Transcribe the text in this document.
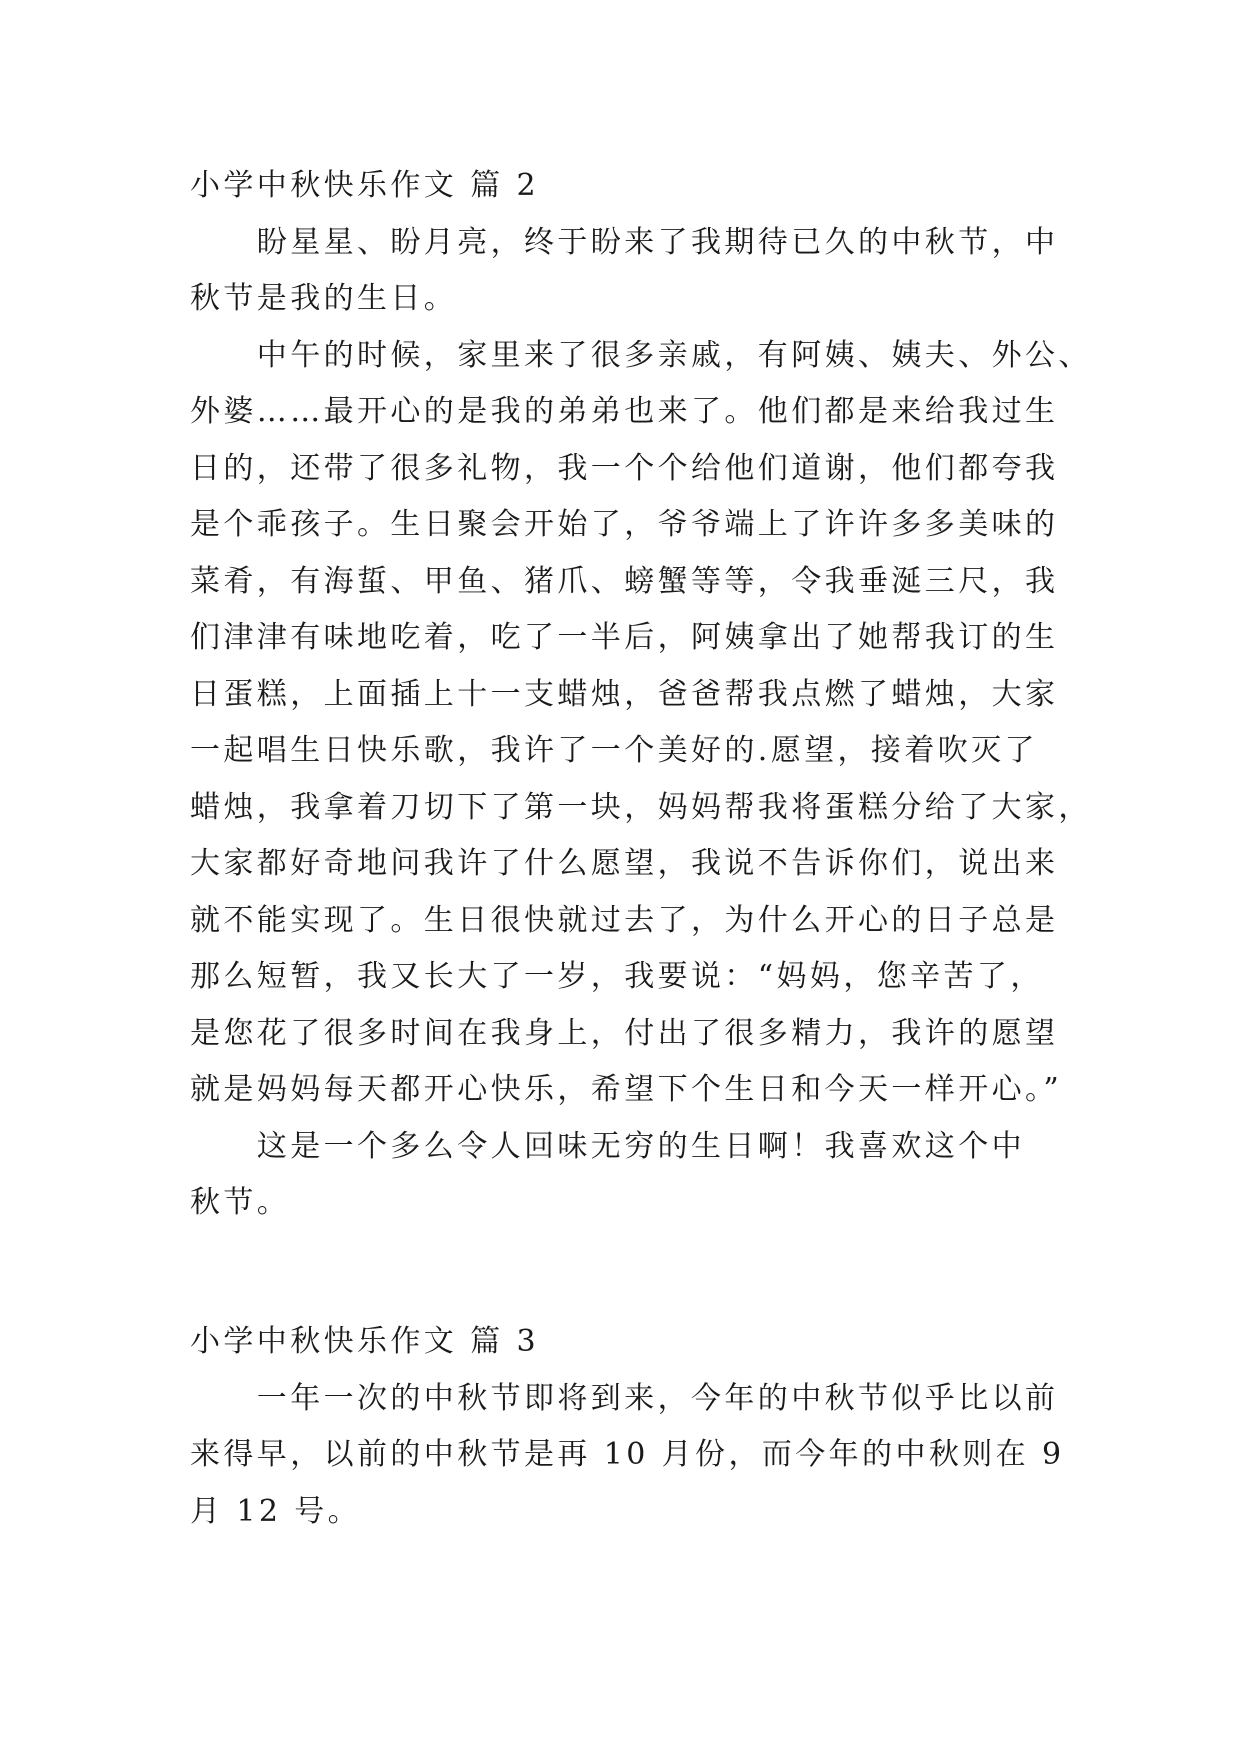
小学中秋快乐作文 篇 2
　　盼星星、盼月亮，终于盼来了我期待已久的中秋节，中
秋节是我的生日。
　　中午的时候，家里来了很多亲戚，有阿姨、姨夫、外公、
外婆……最开心的是我的弟弟也来了。他们都是来给我过生
日的，还带了很多礼物，我一个个给他们道谢，他们都夸我
是个乖孩子。生日聚会开始了，爷爷端上了许许多多美味的
菜肴，有海蜇、甲鱼、猪爪、螃蟹等等，令我垂涎三尺，我
们津津有味地吃着，吃了一半后，阿姨拿出了她帮我订的生
日蛋糕，上面插上十一支蜡烛，爸爸帮我点燃了蜡烛，大家
一起唱生日快乐歌，我许了一个美好的.愿望，接着吹灭了
蜡烛，我拿着刀切下了第一块，妈妈帮我将蛋糕分给了大家，
大家都好奇地问我许了什么愿望，我说不告诉你们，说出来
就不能实现了。生日很快就过去了，为什么开心的日子总是
那么短暂，我又长大了一岁，我要说：“妈妈，您辛苦了，
是您花了很多时间在我身上，付出了很多精力，我许的愿望
就是妈妈每天都开心快乐，希望下个生日和今天一样开心。”
　　这是一个多么令人回味无穷的生日啊！我喜欢这个中
秋节。
小学中秋快乐作文 篇 3
　　一年一次的中秋节即将到来，今年的中秋节似乎比以前
来得早，以前的中秋节是再 10 月份，而今年的中秋则在 9
月 12 号。
